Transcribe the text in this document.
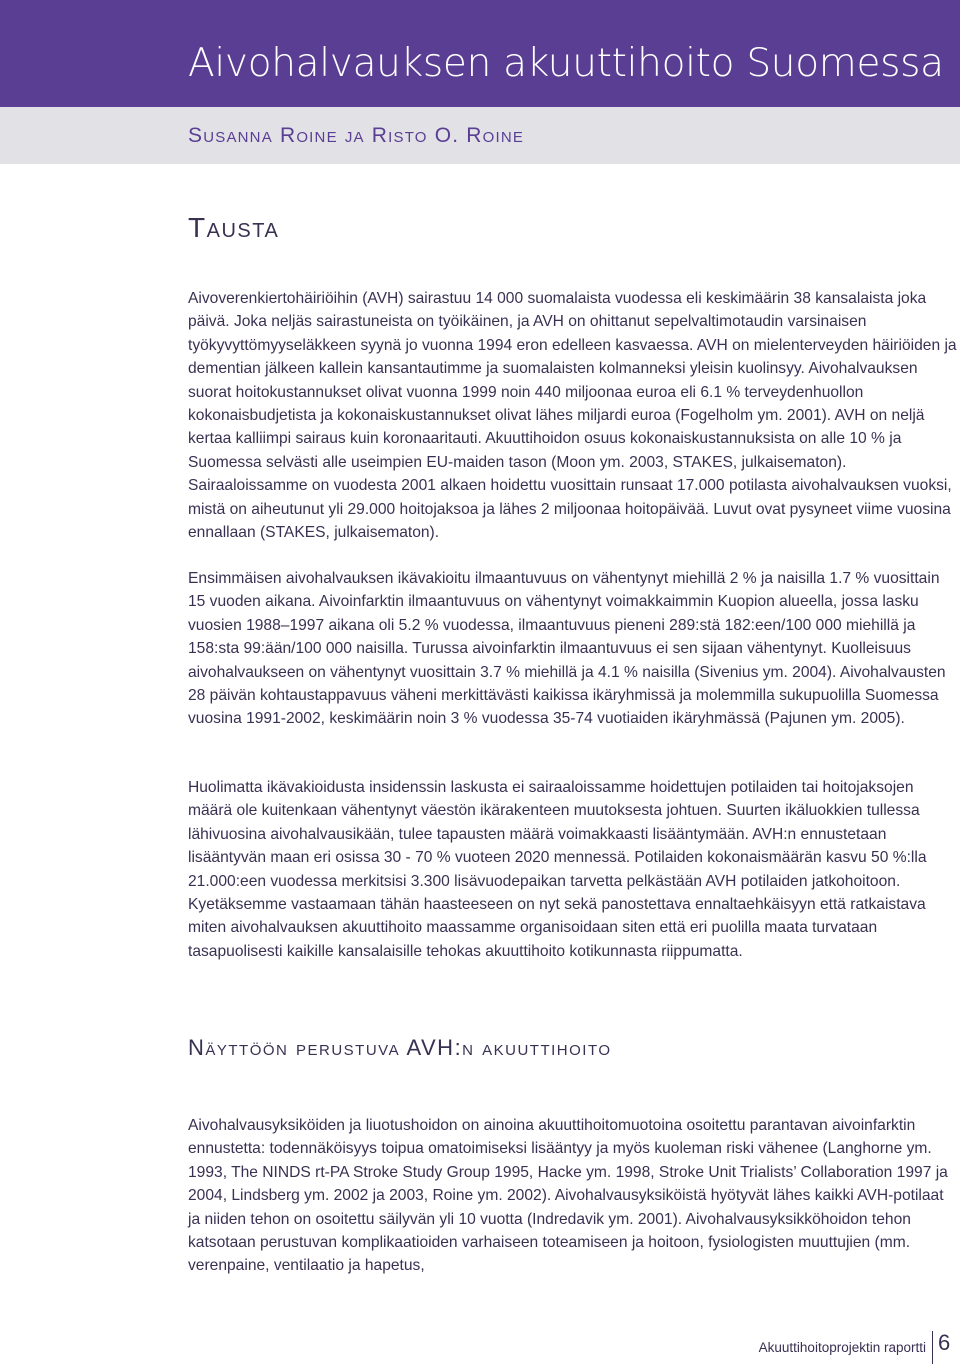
Aivohalvauksen akuuttihoito Suomessa
Susanna Roine ja Risto O. Roine
Tausta

Aivoverenkiertohäiriöihin (AVH) sairastuu 14 000 suomalaista vuodessa eli keskimäärin 38 kansalaista joka päivä. Joka neljäs sairastuneista on työikäinen, ja AVH on ohittanut sepelvaltimotaudin varsinaisen työkyvyttömyyseläkkeen syynä jo vuonna 1994 eron edelleen kasvaessa. AVH on mielenterveyden häiriöiden ja dementian jälkeen kallein kansantautimme ja suomalaisten kolmanneksi yleisin kuolinsyy. Aivohalvauksen suorat hoitokustannukset olivat vuonna 1999 noin 440 miljoonaa euroa eli 6.1 % terveydenhuollon kokonaisbudjetista ja kokonaiskustannukset olivat lähes miljardi euroa (Fogelholm ym. 2001). AVH on neljä kertaa kalliimpi sairaus kuin koronaaritauti. Akuuttihoidon osuus kokonaiskustannuksista on alle 10 % ja Suomessa selvästi alle useimpien EU-maiden tason (Moon ym. 2003, STAKES, julkaisematon). Sairaaloissamme on vuodesta 2001 alkaen hoidettu vuosittain runsaat 17.000 potilasta aivohalvauksen vuoksi, mistä on aiheutunut yli 29.000 hoitojaksoa ja lähes 2 miljoonaa hoitopäivää. Luvut ovat pysyneet viime vuosina ennallaan (STAKES, julkaisematon).

Ensimmäisen aivohalvauksen ikävakioitu ilmaantuvuus on vähentynyt miehillä 2 % ja naisilla 1.7 % vuosittain 15 vuoden aikana. Aivoinfarktin ilmaantuvuus on vähentynyt voimakkaimmin Kuopion alueella, jossa lasku vuosien 1988–1997 aikana oli 5.2 % vuodessa, ilmaantuvuus pieneni 289:stä 182:een/100 000 miehillä ja 158:sta 99:ään/100 000 naisilla. Turussa aivoinfarktin ilmaantuvuus ei sen sijaan vähentynyt. Kuolleisuus aivohalvaukseen on vähentynyt vuosittain 3.7 % miehillä ja 4.1 % naisilla (Sivenius ym. 2004). Aivohalvausten 28 päivän kohtaustappavuus väheni merkittävästi kaikissa ikäryhmissä ja molemmilla sukupuolilla Suomessa vuosina 1991-2002, keskimäärin noin 3 % vuodessa 35-74 vuotiaiden ikäryhmässä (Pajunen ym. 2005).

Huolimatta ikävakioidusta insidenssin laskusta ei sairaaloissamme hoidettujen potilaiden tai hoitojaksojen määrä ole kuitenkaan vähentynyt väestön ikärakenteen muutoksesta johtuen. Suurten ikäluokkien tullessa lähivuosina aivohalvausikään, tulee tapausten määrä voimakkaasti lisääntymään. AVH:n ennustetaan lisääntyvän maan eri osissa 30 - 70 % vuoteen 2020 mennessä. Potilaiden kokonaismäärän kasvu 50 %:lla 21.000:een vuodessa merkitsisi 3.300 lisävuodepaikan tarvetta pelkästään AVH potilaiden jatkohoitoon. Kyetäksemme vastaamaan tähän haasteeseen on nyt sekä panostettava ennaltaehkäisyyn että ratkaistava miten aivohalvauksen akuuttihoito maassamme organisoidaan siten että eri puolilla maata turvataan tasapuolisesti kaikille kansalaisille tehokas akuuttihoito kotikunnasta riippumatta.

Näyttöön perustuva AVH:n akuuttihoito

Aivohalvausyksiköiden ja liuotushoidon on ainoina akuuttihoitomuotoina osoitettu parantavan aivoinfarktin ennustetta: todennäköisyys toipua omatoimiseksi lisääntyy ja myös kuoleman riski vähenee (Langhorne ym. 1993, The NINDS rt-PA Stroke Study Group 1995, Hacke ym. 1998, Stroke Unit Trialists’ Collaboration 1997 ja 2004, Lindsberg ym. 2002 ja 2003, Roine ym. 2002). Aivohalvausyksiköistä hyötyvät lähes kaikki AVH-potilaat ja niiden tehon on osoitettu säilyvän yli 10 vuotta (Indredavik ym. 2001). Aivohalvausyksikköhoidon tehon katsotaan perustuvan komplikaatioiden varhaiseen toteamiseen ja hoitoon, fysiologisten muuttujien (mm. verenpaine, ventilaatio ja hapetus,

Akuuttihoitoprojektin raportti 6
